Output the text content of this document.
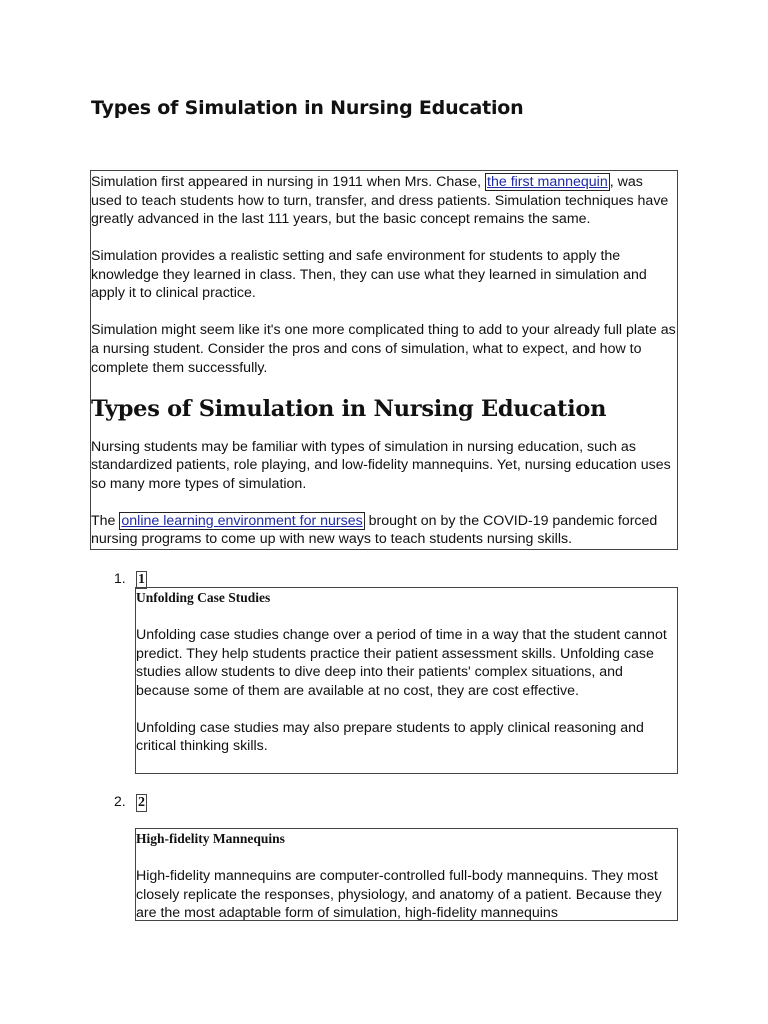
Types of Simulation in Nursing Education

Simulation first appeared in nursing in 1911 when Mrs. Chase, the first mannequin , was used to teach students how to turn, transfer, and dress patients. Simulation techniques have greatly advanced in the last 111 years, but the basic concept remains the same.

Simulation provides a realistic setting and safe environment for students to apply the knowledge they learned in class. Then, they can use what they learned in simulation and apply it to clinical practice.

Simulation might seem like it's one more complicated thing to add to your already full plate as a nursing student. Consider the pros and cons of simulation, what to expect, and how to complete them successfully.

Types of Simulation in Nursing Education

Nursing students may be familiar with types of simulation in nursing education, such as standardized patients, role playing, and low-fidelity mannequins. Yet, nursing education uses so many more types of simulation.

The online learning environment for nurses brought on by the COVID-19 pandemic forced nursing programs to come up with new ways to teach students nursing skills.

1. 1

Unfolding Case Studies

Unfolding case studies change over a period of time in a way that the student cannot predict. They help students practice their patient assessment skills. Unfolding case studies allow students to dive deep into their patients' complex situations, and because some of them are available at no cost, they are cost effective.

Unfolding case studies may also prepare students to apply clinical reasoning and critical thinking skills.

2. 2

High-fidelity Mannequins

High-fidelity mannequins are computer-controlled full-body mannequins. They most closely replicate the responses, physiology, and anatomy of a patient. Because they are the most adaptable form of simulation, high-fidelity mannequins
